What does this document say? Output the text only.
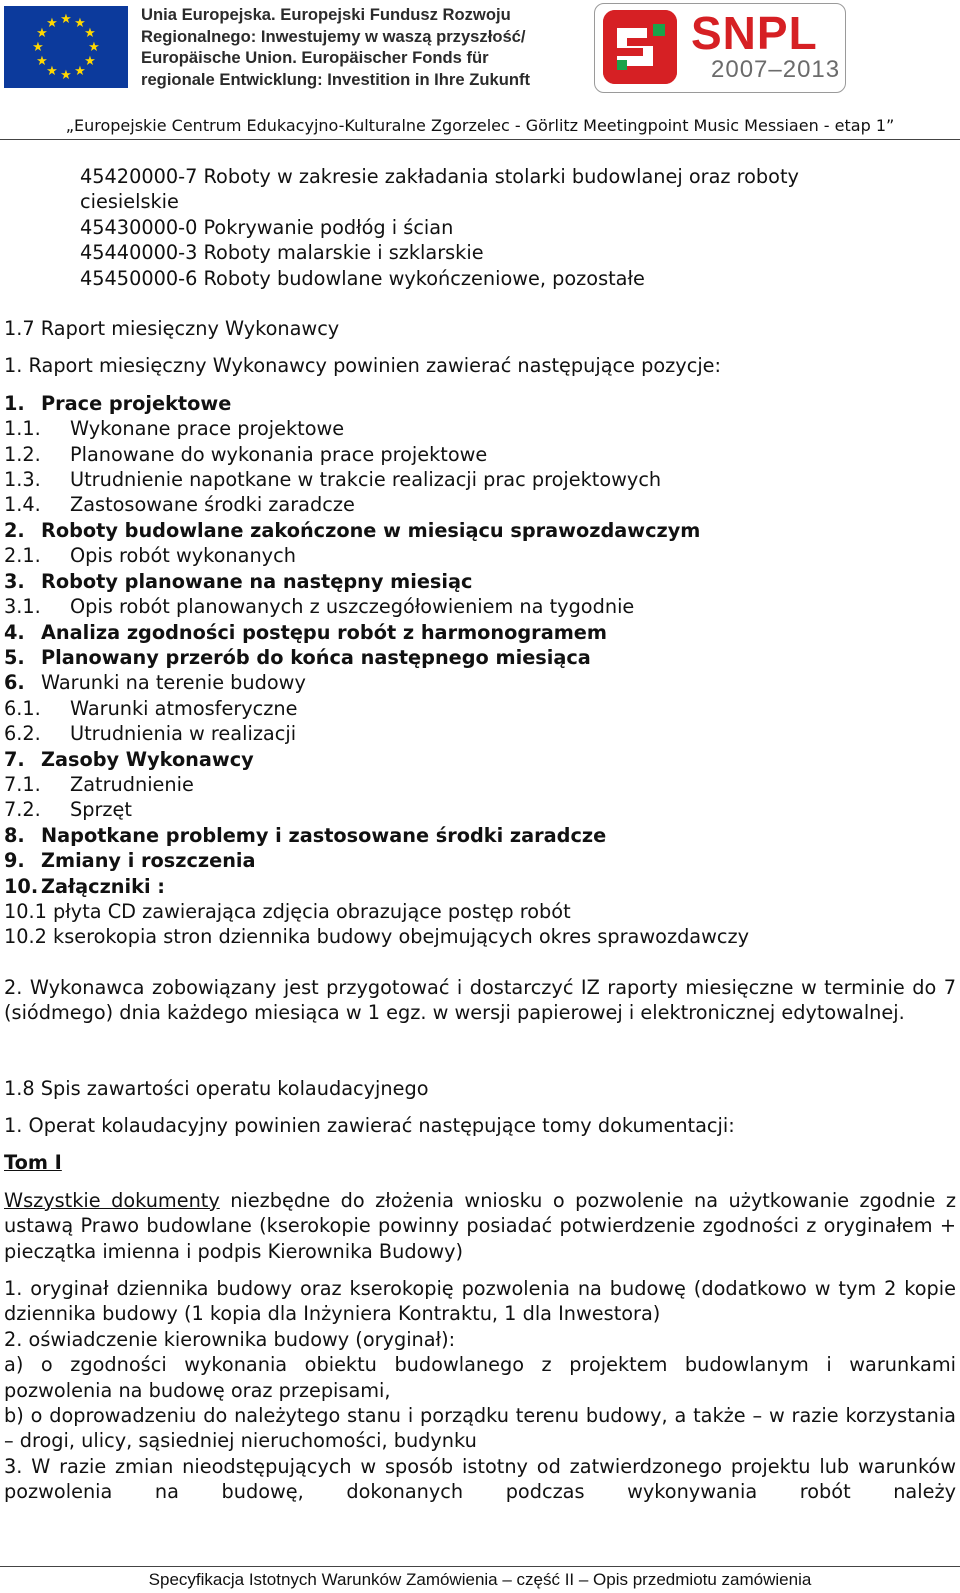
★ ★
★
★
★
★
★
★
★
★
★
★	Unia Europejska. Europejski Fundusz Rozwoju
Regionalnego: Inwestujemy w waszą przyszłość/
Europäische Union. Europäischer Fonds für
regionale Entwicklung: Investition in Ihre Zukunft
SNPL
2007–2013
„Europejskie Centrum Edukacyjno-Kulturalne Zgorzelec - Görlitz Meetingpoint Music Messiaen - etap 1”
45420000-7 Roboty w zakresie zakładania stolarki budowlanej oraz roboty
ciesielskie
45430000-0 Pokrywanie podłóg i ścian
45440000-3 Roboty malarskie i szklarskie
45450000-6 Roboty budowlane wykończeniowe, pozostałe
1.7 Raport miesięczny Wykonawcy
1. Raport miesięczny Wykonawcy powinien zawierać następujące pozycje:
1. Prace projektowe
1.1. Wykonane prace projektowe
1.2. Planowane do wykonania prace projektowe
1.3. Utrudnienie napotkane w trakcie realizacji prac projektowych
1.4. Zastosowane środki zaradcze
2. Roboty budowlane zakończone w miesiącu sprawozdawczym
2.1. Opis robót wykonanych
3. Roboty planowane na następny miesiąc
3.1. Opis robót planowanych z uszczegółowieniem na tygodnie
4. Analiza zgodności postępu robót z harmonogramem
5. Planowany przerób do końca następnego miesiąca
6. Warunki na terenie budowy
6.1. Warunki atmosferyczne
6.2. Utrudnienia w realizacji
7. Zasoby Wykonawcy
7.1. Zatrudnienie
7.2. Sprzęt
8. Napotkane problemy i zastosowane środki zaradcze
9. Zmiany i roszczenia
10. Załączniki :
10.1 płyta CD zawierająca zdjęcia obrazujące postęp robót
10.2 kserokopia stron dziennika budowy obejmujących okres sprawozdawczy
2. Wykonawca zobowiązany jest przygotować i dostarczyć IZ raporty miesięczne w terminie do 7 (siódmego) dnia każdego miesiąca w 1 egz. w wersji papierowej i elektronicznej edytowalnej.
1.8 Spis zawartości operatu kolaudacyjnego
1. Operat kolaudacyjny powinien zawierać następujące tomy dokumentacji:
Tom I
Wszystkie dokumenty niezbędne do złożenia wniosku o pozwolenie na użytkowanie zgodnie z ustawą Prawo budowlane (kserokopie powinny posiadać potwierdzenie zgodności z oryginałem + pieczątka imienna i podpis Kierownika Budowy)
1. oryginał dziennika budowy oraz kserokopię pozwolenia na budowę (dodatkowo w tym 2 kopie dziennika budowy (1 kopia dla Inżyniera Kontraktu, 1 dla Inwestora)
2. oświadczenie kierownika budowy (oryginał):
a) o zgodności wykonania obiektu budowlanego z projektem budowlanym i warunkami pozwolenia na budowę oraz przepisami,
b) o doprowadzeniu do należytego stanu i porządku terenu budowy, a także – w razie korzystania – drogi, ulicy, sąsiedniej nieruchomości, budynku
3. W razie zmian nieodstępujących w sposób istotny od zatwierdzonego projektu lub warunków pozwolenia na budowę, dokonanych podczas wykonywania robót należy
Specyfikacja Istotnych Warunków Zamówienia – część II – Opis przedmiotu zamówienia
